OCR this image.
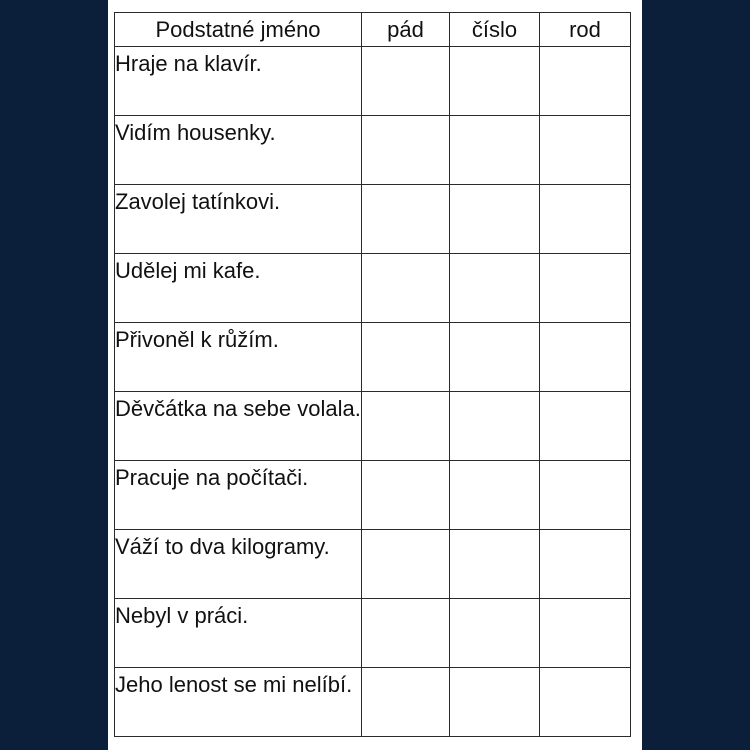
Podstatné jméno	pád	číslo	rod
Hraje na klavír.			
Vidím housenky.			
Zavolej tatínkovi.			
Udělej mi kafe.			
Přivoněl k růžím.			
Děvčátka na sebe volala.			
Pracuje na počítači.			
Váží to dva kilogramy.			
Nebyl v práci.			
Jeho lenost se mi nelíbí.			
